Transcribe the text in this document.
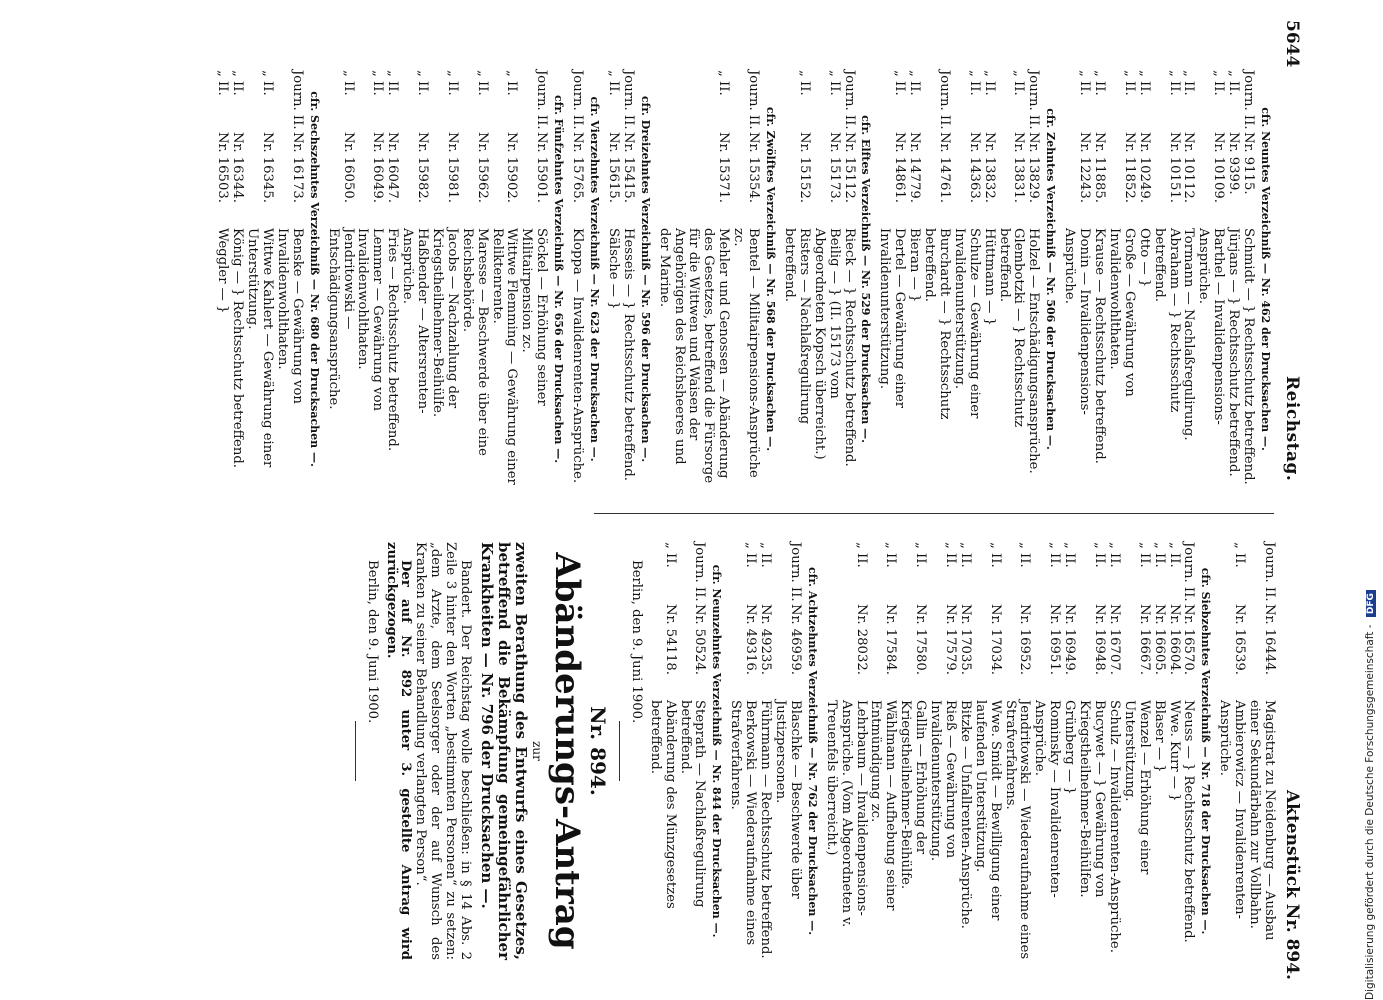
5644
Reichstag.
Aktenstück Nr. 894.
cfr. Neuntes Verzeichniß — Nr. 462 der Drucksachen —.
Journ. II.
Nr. 9115.
Schmidt — } Rechtsschutz betreffend.
„ II.
Nr. 9399.
Jürjans — } Rechtsschutz betreffend.
„ II.
Nr. 10109.
Barthel — Invalidenpensions-Ansprüche.
„ II.
Nr. 10112.
Tormann — Nachlaßregulirung.
„ II.
Nr. 10151.
Abraham — } Rechtsschutz betreffend.
„ II.
Nr. 10249.
Otto — }
„ II.
Nr. 11852.
Große — Gewährung von Invalidenwohlthaten.
„ II.
Nr. 11885.
Krause — Rechtsschutz betreffend.
„ II.
Nr. 12243.
Donin — Invalidenpensions-Ansprüche.
cfr. Zehntes Verzeichniß — Nr. 506 der Drucksachen —.
Journ. II.
Nr. 13829.
Holzel — Entschädigungsansprüche.
„ II.
Nr. 13831.
Glembotzki — } Rechtsschutz betreffend.
„ II.
Nr. 13832.
Hüttmann — }
„ II.
Nr. 14363.
Schulze — Gewährung einer Invalidenunterstützung.
Journ. II.
Nr. 14761.
Burchardt — } Rechtsschutz betreffend.
„ II.
Nr. 14779.
Bieran — }
„ II.
Nr. 14861.
Dertel — Gewährung einer Invalidenunterstützung.
cfr. Elftes Verzeichniß — Nr. 529 der Drucksachen —.
Journ. II.
Nr. 15112.
Rieck — } Rechtsschutz betreffend.
„ II.
Nr. 15173.
Beilig — } (II. 15173 vom Abgeordneten Kopsch überreicht.)
„ II.
Nr. 15152.
Risters — Nachlaßregulirung betreffend.
cfr. Zwölftes Verzeichniß — Nr. 568 der Drucksachen —.
Journ. II.
Nr. 15354.
Bentel — Militairpensions-Ansprüche zc.
„ II.
Nr. 15371.
Mehler und Genossen — Abänderung des Gesetzes, betreffend die Fürsorge für die Wittwen und Waisen der Angehörigen des Reichsheeres und der Marine.
cfr. Dreizehntes Verzeichniß — Nr. 596 der Drucksachen —.
Journ. II.
Nr. 15415.
Hesseis — } Rechtsschutz betreffend.
„ II.
Nr. 15615.
Sälsche — }
cfr. Vierzehntes Verzeichniß — Nr. 623 der Drucksachen —.
Journ. II.
Nr. 15765.
Kloppa — Invalidenrenten-Ansprüche.
cfr. Fünfzehntes Verzeichniß — Nr. 656 der Drucksachen —.
Journ. II.
Nr. 15901.
Söckel — Erhöhung seiner Militairpension zc.
„ II.
Nr. 15902.
Wittwe Flemming — Gewährung einer Reliktenrente.
„ II.
Nr. 15962.
Maresse — Beschwerde über eine Reichsbehörde.
„ II.
Nr. 15981.
Jacobs — Nachzahlung der Kriegstheilnehmer-Beihülfe.
„ II.
Nr. 15982.
Haßbender — Altersrenten-Ansprüche.
„ II.
Nr. 16047.
Fries — Rechtsschutz betreffend.
„ II.
Nr. 16049.
Lemmer — Gewährung von Invalidenwohlthaten.
„ II.
Nr. 16050.
Jendritowski — Entschädigungsansprüche.
cfr. Sechszehntes Verzeichniß — Nr. 680 der Drucksachen —.
Journ. II.
Nr. 16173.
Benske — Gewährung von Invalidenwohlthaten.
„ II.
Nr. 16345.
Wittwe Kahlert — Gewährung einer Unterstützung.
„ II.
Nr. 16344.
König — } Rechtsschutz betreffend.
„ II.
Nr. 16503.
Weggler — }
Journ. II.
Nr. 16444.
Magistrat zu Neidenburg — Ausbau einer Sekundärbahn zur Vollbahn.
„ II.
Nr. 16539.
Ambierowicz — Invalidenrenten-Ansprüche.
cfr. Siebzehntes Verzeichniß — Nr. 718 der Drucksachen —.
Journ. II.
Nr. 16570.
Neuss — } Rechtsschutz betreffend.
„ II.
Nr. 16604.
Wwe. Kurr — }
„ II.
Nr. 16605.
Blaser — }
„ II.
Nr. 16667.
Wenzel — Erhöhung einer Unterstützung.
„ II.
Nr. 16707.
Schulz — Invalidenrenten-Ansprüche.
„ II.
Nr. 16948.
Bucywet — } Gewährung von Kriegstheilnehmer-Beihülfen.
„ II.
Nr. 16949.
Grünberg — }
„ II.
Nr. 16951.
Rominsky — Invalidenrenten-Ansprüche.
„ II.
Nr. 16952.
Jendritowski — Wiederaufnahme eines Strafverfahrens.
„ II.
Nr. 17034.
Wwe. Smidt — Bewilligung einer laufenden Unterstützung.
„ II.
Nr. 17035.
Bitzke — Unfallrenten-Ansprüche.
„ II.
Nr. 17579.
Rieß — Gewährung von Invalidenunterstützung.
„ II.
Nr. 17580.
Gallin — Erhöhung der Kriegstheilnehmer-Beihülfe.
„ II.
Nr. 17584.
Wählmann — Aufhebung seiner Entmündigung zc.
„ II.
Nr. 28032.
Lehrbaum — Invalidenpensions-Ansprüche. (Vom Abgeordneten v. Treuenfels überreicht.)
cfr. Achtzehntes Verzeichniß — Nr. 762 der Drucksachen —.
Journ. II.
Nr. 46959.
Blaschke — Beschwerde über Justizpersonen.
„ II.
Nr. 49235.
Führmann — Rechtsschutz betreffend.
„ II.
Nr. 49316.
Berkowski — Wiederaufnahme eines Strafverfahrens.
cfr. Neunzehntes Verzeichniß — Nr. 844 der Drucksachen —.
Journ. II.
Nr. 50524.
Steprath — Nachlaßregulirung betreffend.
„ II.
Nr. 54118.
Abänderung des Münzgesetzes betreffend.
Berlin, den 9. Juni 1900.
Nr. 894.
Abänderungs-Antrag
zur
zweiten Berathung des Entwurfs eines Gesetzes, betreffend die Bekämpfung gemeingefährlicher Krankheiten — Nr. 796 der Drucksachen —.
Bandert. Der Reichstag wolle beschließen: in § 14 Abs. 2 Zeile 3 hinter den Worten „bestimmten Personen“ zu setzen: „dem Arzte, dem Seelsorger oder der auf Wunsch des Kranken zu seiner Behandlung verlangten Person“.
Der auf Nr. 892 unter 3. gestellte Antrag wird zurückgezogen.
Berlin, den 9. Juni 1900.	Digitalisierung gefördert durch die Deutsche Forschungsgemeinschaft - DFG
